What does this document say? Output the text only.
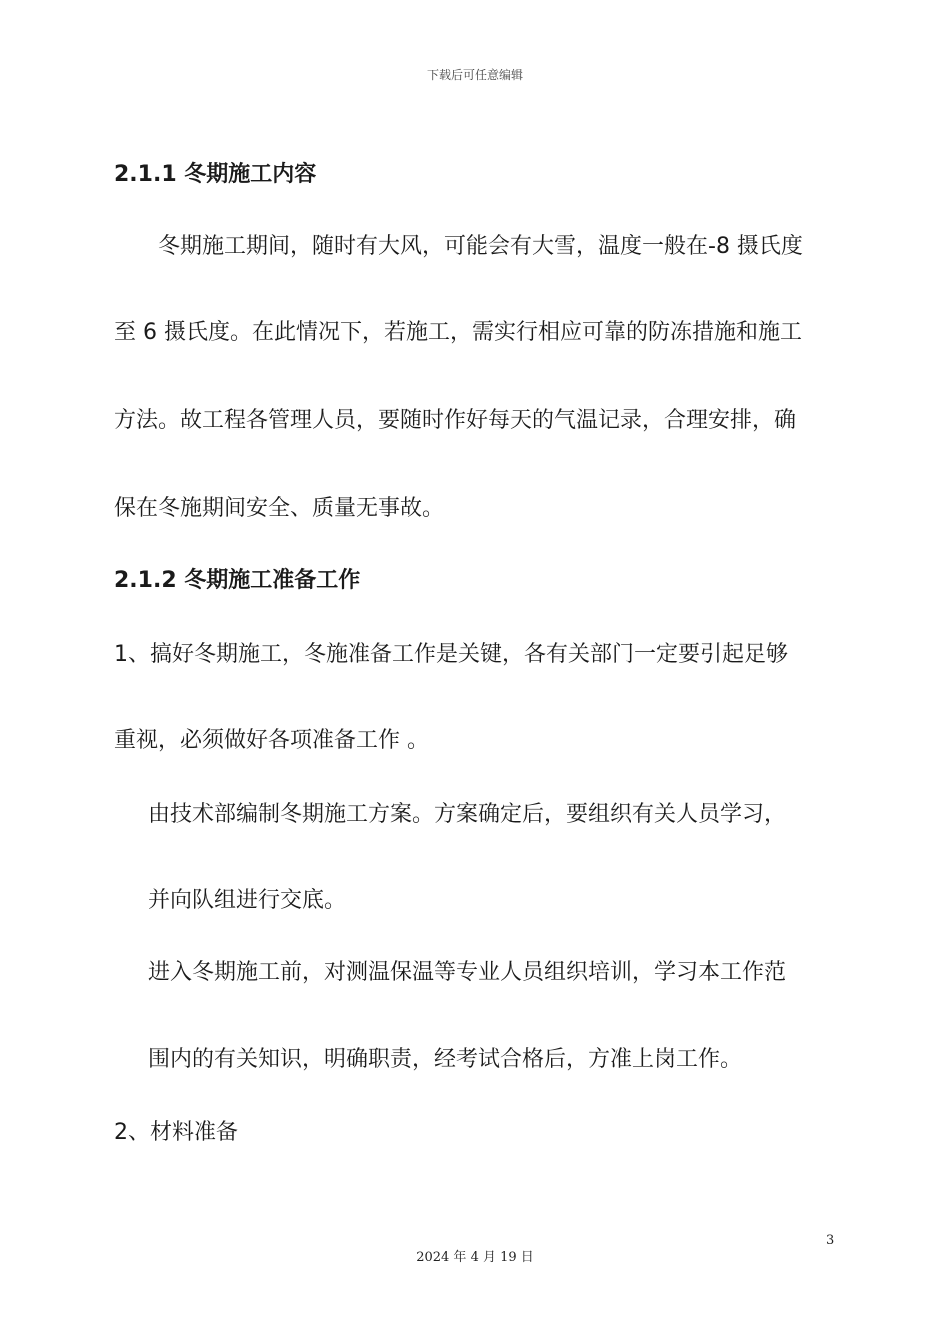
下载后可任意编辑
2.1.1 冬期施工内容
　　冬期施工期间，随时有大风，可能会有大雪，温度一般在-8 摄氏度
至 6 摄氏度。在此情况下，若施工，需实行相应可靠的防冻措施和施工
方法。故工程各管理人员，要随时作好每天的气温记录，合理安排，确
保在冬施期间安全、质量无事故。
2.1.2 冬期施工准备工作
1、搞好冬期施工，冬施准备工作是关键，各有关部门一定要引起足够
重视，必须做好各项准备工作 。
由技术部编制冬期施工方案。方案确定后，要组织有关人员学习，
并向队组进行交底。
进入冬期施工前，对测温保温等专业人员组织培训，学习本工作范
围内的有关知识，明确职责，经考试合格后，方准上岗工作。
2、材料准备
3
2024 年 4 月 19 日
